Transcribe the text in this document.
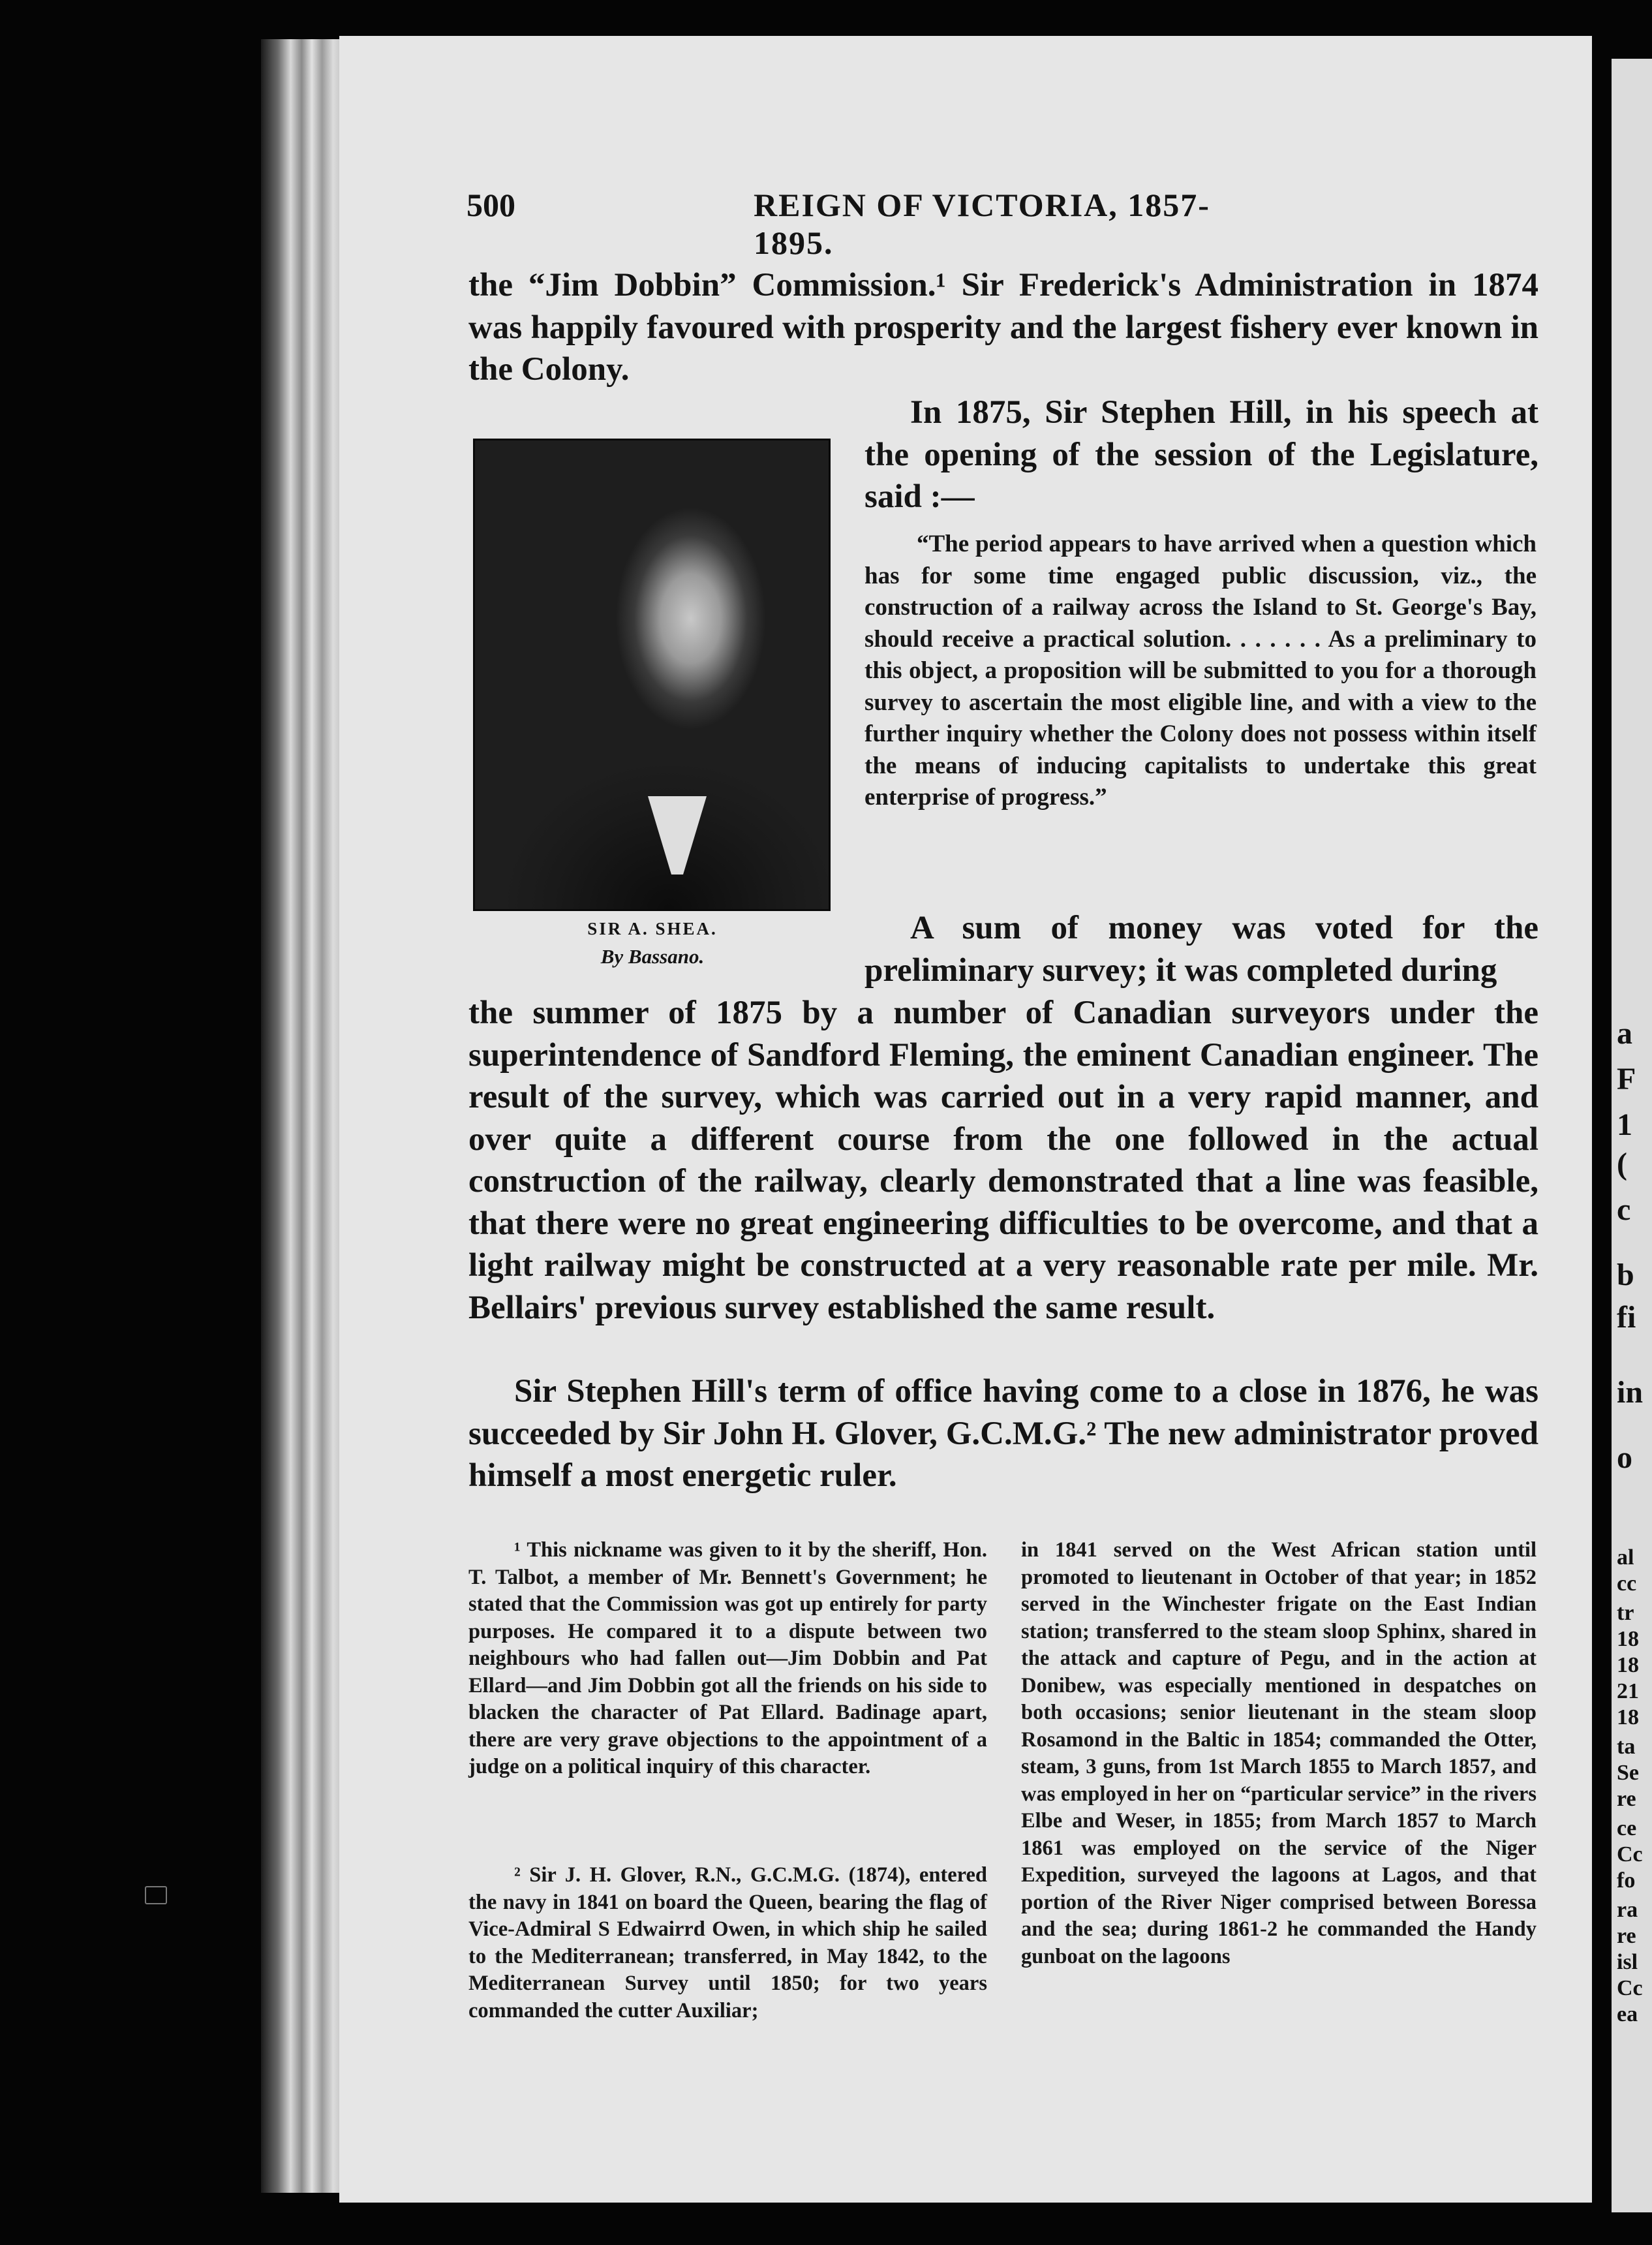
a
F
1
(
c
b
fi
in
o
al
cc
tr
18
18
21
18
ta
Se
re
ce
Cc
fo
ra
re
isl
Cc
ea
500	REIGN OF VICTORIA, 1857-1895.

the “Jim Dobbin” Commission.¹ Sir Frederick's Administration in 1874 was happily favoured with prosperity and the largest fishery ever known in the Colony.

SIR A. SHEA.
By Bassano.

In 1875, Sir Stephen Hill, in his speech at the opening of the session of the Legislature, said :—

“The period appears to have arrived when a question which has for some time engaged public discussion, viz., the construction of a railway across the Island to St. George's Bay, should receive a practical solution. . . . . . . As a preliminary to this object, a proposition will be submitted to you for a thorough survey to ascertain the most eligible line, and with a view to the further inquiry whether the Colony does not possess within itself the means of inducing capitalists to undertake this great enterprise of progress.”

A sum of money was voted for the preliminary survey; it was completed during

the summer of 1875 by a number of Canadian surveyors under the superintendence of Sandford Fleming, the eminent Canadian engineer. The result of the survey, which was carried out in a very rapid manner, and over quite a different course from the one followed in the actual construction of the railway, clearly demonstrated that a line was feasible, that there were no great engineering difficulties to be overcome, and that a light railway might be constructed at a very reasonable rate per mile. Mr. Bellairs' previous survey established the same result.

Sir Stephen Hill's term of office having come to a close in 1876, he was succeeded by Sir John H. Glover, G.C.M.G.² The new administrator proved himself a most energetic ruler.

¹ This nickname was given to it by the sheriff, Hon. T. Talbot, a member of Mr. Bennett's Government; he stated that the Commission was got up entirely for party purposes. He compared it to a dispute between two neighbours who had fallen out—Jim Dobbin and Pat Ellard—and Jim Dobbin got all the friends on his side to blacken the character of Pat Ellard. Badinage apart, there are very grave objections to the appointment of a judge on a political inquiry of this character.

² Sir J. H. Glover, R.N., G.C.M.G. (1874), entered the navy in 1841 on board the Queen, bearing the flag of Vice-Admiral S Edwairrd Owen, in which ship he sailed to the Mediterranean; transferred, in May 1842, to the Mediterranean Survey until 1850; for two years commanded the cutter Auxiliar;

in 1841 served on the West African station until promoted to lieutenant in October of that year; in 1852 served in the Winchester frigate on the East Indian station; transferred to the steam sloop Sphinx, shared in the attack and capture of Pegu, and in the action at Donibew, was especially mentioned in despatches on both occasions; senior lieutenant in the steam sloop Rosamond in the Baltic in 1854; commanded the Otter, steam, 3 guns, from 1st March 1855 to March 1857, and was employed in her on “particular service” in the rivers Elbe and Weser, in 1855; from March 1857 to March 1861 was employed on the service of the Niger Expedition, surveyed the lagoons at Lagos, and that portion of the River Niger comprised between Boressa and the sea; during 1861-2 he commanded the Handy gunboat on the lagoons
